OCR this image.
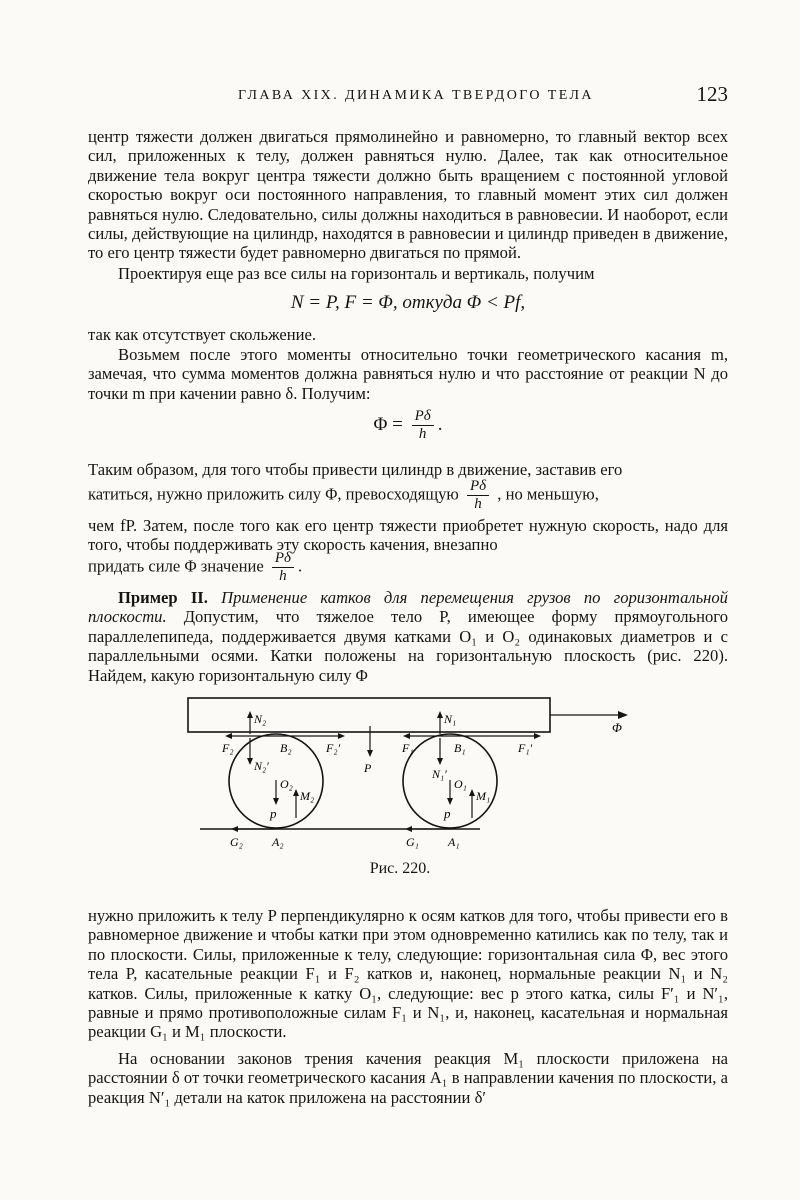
ГЛАВА XIX. ДИНАМИКА ТВЕРДОГО ТЕЛА	123

центр тяжести должен двигаться прямолинейно и равномерно, то главный вектор всех сил, приложенных к телу, должен равняться нулю. Далее, так как относительное движение тела вокруг центра тяжести должно быть вращением с постоянной угловой скоростью вокруг оси постоянного направления, то главный момент этих сил должен равняться нулю. Следовательно, силы должны находиться в равновесии. И наоборот, если силы, действующие на цилиндр, находятся в равновесии и цилиндр приведен в движение, то его центр тяжести будет равномерно двигаться по прямой.

Проектируя еще раз все силы на горизонталь и вертикаль, получим

N = P, F = Φ, откуда Φ < Pf,

так как отсутствует скольжение.

Возьмем после этого моменты относительно точки геометрического касания m, замечая, что сумма моментов должна равняться нулю и что расстояние от реакции N до точки m при качении равно δ. Получим:

$\Phi = \frac{P\delta}{h}$ .

Таким образом, для того чтобы привести цилиндр в движение, заставив его

катиться, нужно приложить силу Φ, превосходящую $\frac{P\delta}{h}$ , но меньшую,

чем fP. Затем, после того как его центр тяжести приобретет нужную скорость, надо для того, чтобы поддерживать эту скорость качения, внезапно

придать силе Φ значение $\frac{P\delta}{h}$ .

Пример II. Применение катков для перемещения грузов по горизонтальной плоскости. Допустим, что тяжелое тело P, имеющее форму прямоугольного параллелепипеда, поддерживается двумя катками O₁ и O₂ одинаковых диаметров и с параллельными осями. Катки положены на горизонтальную плоскость (рис. 220). Найдем, какую горизонтальную силу Φ

Φ
N₂	N₁
F₂	F₂′
B₂	F₁	F₁′
B₁
N₂′
N₁′
P
O₂
p
M₂
O₁
p
M₁
G₂ A₂	G₁ A₁
Рис. 220.

нужно приложить к телу P перпендикулярно к осям катков для того, чтобы привести его в равномерное движение и чтобы катки при этом одновременно катились как по телу, так и по плоскости. Силы, приложенные к телу, следующие: горизонтальная сила Φ, вес этого тела P, касательные реакции F₁ и F₂ катков и, наконец, нормальные реакции N₁ и N₂ катков. Силы, приложенные к катку O₁, следующие: вес p этого катка, силы F′₁ и N′₁, равные и прямо противоположные силам F₁ и N₁, и, наконец, касательная и нормальная реакции G₁ и M₁ плоскости.

На основании законов трения качения реакция M₁ плоскости приложена на расстоянии δ от точки геометрического касания A₁ в направлении качения по плоскости, а реакция N′₁ детали на каток приложена на расстоянии δ′
